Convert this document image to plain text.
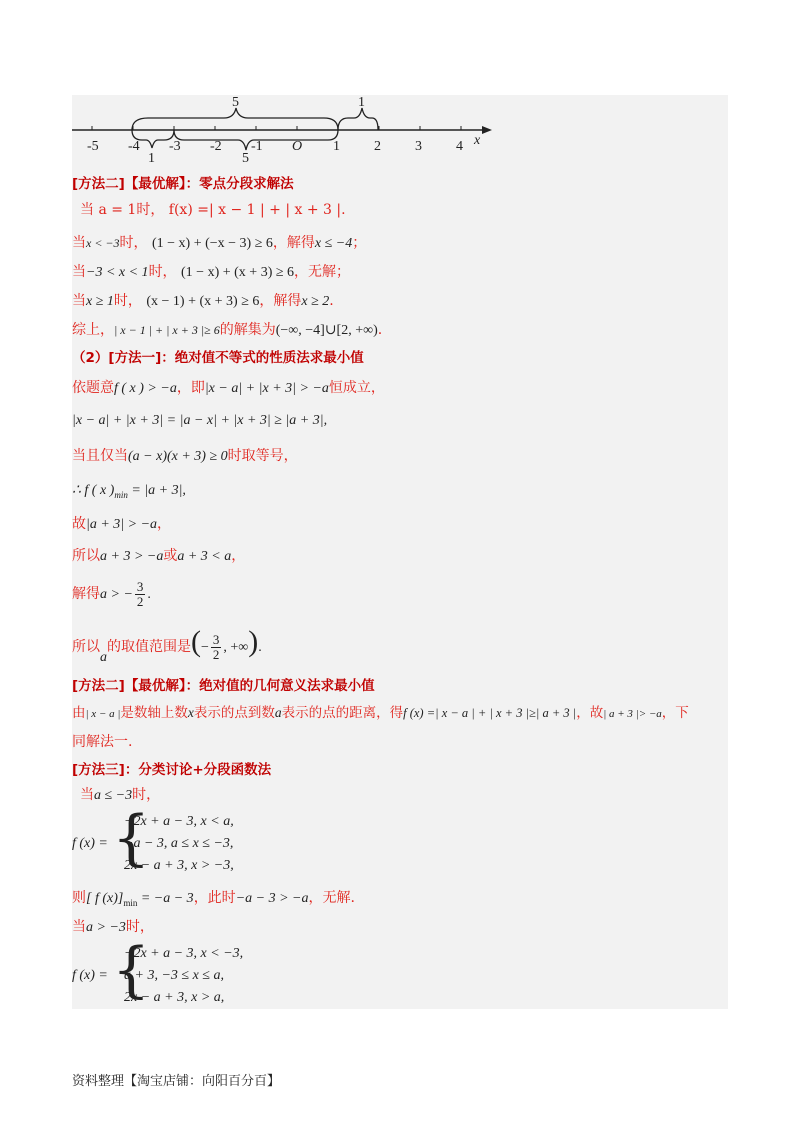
-5 -4 -3 -2 -1 O 1 2 3 4
5	1
1	5
x
[方法二]【最优解】：零点分段求解法
当 a = 1时， f(x) =| x − 1 | + | x + 3 |.
当x < −3时， (1 − x) + (−x − 3) ≥ 6，解得x ≤ −4；
当−3 < x < 1时， (1 − x) + (x + 3) ≥ 6，无解；
当x ≥ 1时， (x − 1) + (x + 3) ≥ 6，解得x ≥ 2.
综上，| x − 1 | + | x + 3 |≥ 6的解集为(−∞, −4]∪[2, +∞).
（2）[方法一]：绝对值不等式的性质法求最小值
依题意f ( x ) > −a，即|x − a| + |x + 3| > −a恒成立，
|x − a| + |x + 3| = |a − x| + |x + 3| ≥ |a + 3|,
当且仅当(a − x)(x + 3) ≥ 0时取等号，
∴ f ( x )$_{min} = |a + 3|$,
故|a + 3| > −a，
所以a + 3 > −a或a + 3 < a，
解得a > − $\frac{3}{2}$ .
所以a的取值范围是(− $\frac{3}{2}$ , +∞).
[方法二]【最优解】：绝对值的几何意义法求最小值
由| x − a |是数轴上数x表示的点到数a表示的点的距离，得f (x) =| x − a | + | x + 3 |≥| a + 3 |，故| a + 3 |> −a，下
同解法一.
[方法三]：分类讨论+分段函数法
当a ≤ −3时，
f (x) = {
−2x + a − 3, x < a,
−a − 3, a ≤ x ≤ −3,
2x − a + 3, x > −3,
则[ f $(x)]_{min} = -a - 3$，此时−a − 3 > −a，无解.
当a > −3时，
f (x) = {
−2x + a − 3, x < −3,
a + 3, −3 ≤ x ≤ a,
2x − a + 3, x > a,
资料整理【淘宝店铺：向阳百分百】
